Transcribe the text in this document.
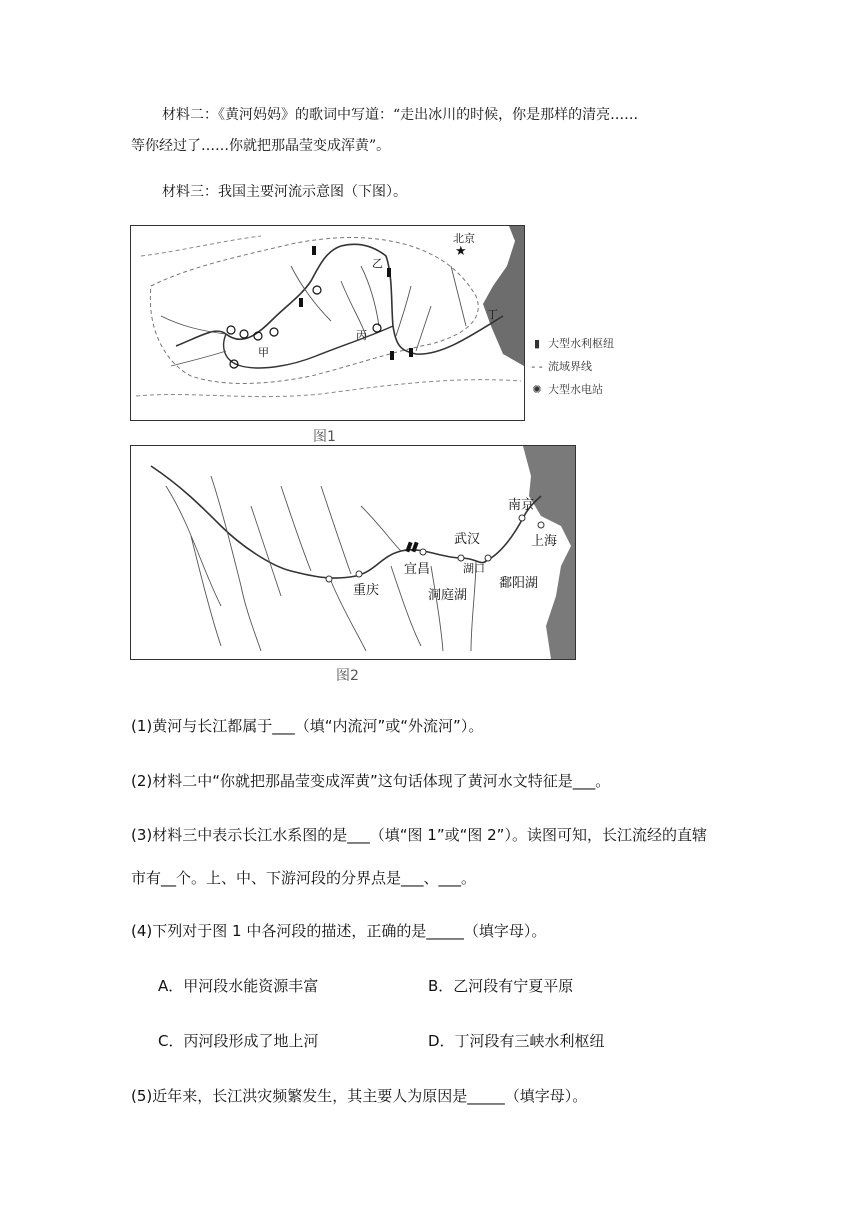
材料二：《黄河妈妈》的歌词中写道：“走出冰川的时候，你是那样的清亮……
等你经过了……你就把那晶莹变成浑黄”。
材料三：我国主要河流示意图（下图）。
★
北京
乙
丙
甲
丁
▮ 大型水利枢纽
- - 流域界线
✺ 大型水电站
图1
南京
武汉	上海
宜昌	湖口
鄱阳湖
重庆	洞庭湖
图2
(1)黄河与长江都属于___（填“内流河”或“外流河”）。
(2)材料二中“你就把那晶莹变成浑黄”这句话体现了黄河水文特征是___。
(3)材料三中表示长江水系图的是___（填“图 1”或“图 2”）。读图可知，长江流经的直辖
市有__个。上、中、下游河段的分界点是___、___。
(4)下列对于图 1 中各河段的描述，正确的是_____（填字母）。
A．甲河段水能资源丰富	B．乙河段有宁夏平原
C．丙河段形成了地上河	D．丁河段有三峡水利枢纽
(5)近年来，长江洪灾频繁发生，其主要人为原因是_____（填字母）。
